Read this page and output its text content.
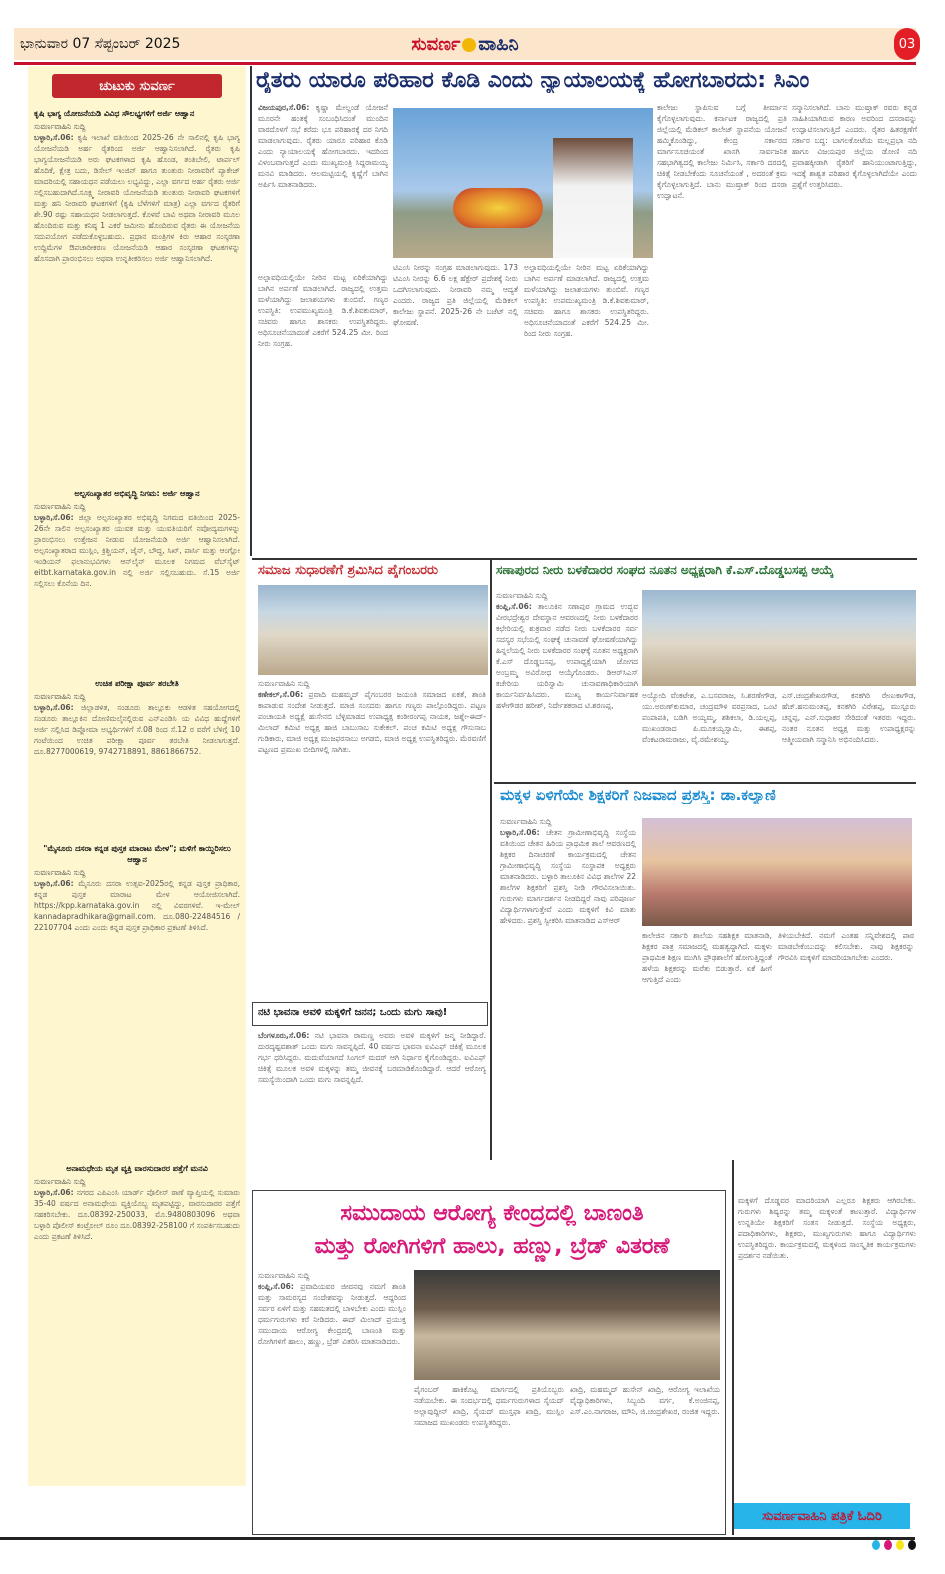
ಭಾನುವಾರ 07 ಸೆಪ್ಟಂಬರ್ 2025	ಸುವರ್ಣ ವಾಹಿನಿ	03
ಚುಟುಕು ಸುವರ್ಣ
ಕೃಷಿ ಭಾಗ್ಯ ಯೋಜನೆಯಡಿ ವಿವಿಧ ಸೌಲಭ್ಯಗಳಿಗೆ ಅರ್ಜಿ ಆಹ್ವಾನ
ಸುವರ್ಣವಾಹಿನಿ ಸುದ್ದಿ
ಬಳ್ಳಾರಿ,ಸೆ.06: ಕೃಷಿ ಇಲಾಖೆ ವತಿಯಿಂದ 2025-26 ನೇ ಸಾಲಿನಲ್ಲಿ ಕೃಷಿ ಭಾಗ್ಯ ಯೋಜನೆಯಡಿ ಅರ್ಹ ರೈತರಿಂದ ಅರ್ಜಿ ಆಹ್ವಾನಿಸಲಾಗಿದೆ. ರೈತರು ಕೃಷಿ ಭಾಗ್ಯಯೋಜನೆಯಡಿ ಅರು ಘಟಕಗಳಾದ ಕೃಷಿ ಹೊಂಡ, ತಂತಿಬೇಲಿ, ಟಾರ್ಪಲ್ ಹೊದಿಕೆ, ಕ್ಷೇತ್ರ ಬದು, ಡಿಸೇಲ್ ಇಂಜಿನ್ ಹಾಗೂ ತುಂತುರು ನೀರಾವರಿಗೆ ಪ್ಯಾಕೇಜ್ ಮಾದರಿಯಲ್ಲಿ ಸಹಾಯಧನ ಪಡೆಯಲು ಲಭ್ಯವಿದ್ದು, ಎಲ್ಲಾ ವರ್ಗದ ಅರ್ಹ ರೈತರು ಅರ್ಜಿ ಸಲ್ಲಿಸಬಹುದಾಗಿದೆ.ಸೂಕ್ಷ್ಮ ನೀರಾವರಿ ಯೋಜನೆಯಡಿ ತುಂತುರು ನೀರಾವರಿ ಘಟಕಗಳಿಗೆ ಮತ್ತು ಹನಿ ನೀರಾವರಿ ಘಟಕಗಳಿಗೆ (ಕೃಷಿ ಬೆಳೆಗಳಿಗೆ ಮಾತ್ರ) ಎಲ್ಲಾ ವರ್ಗದ ರೈತರಿಗೆ ಶೇ.90 ರಷ್ಟು ಸಹಾಯಧನ ನೀಡಲಾಗುತ್ತದೆ. ಕೊಳವೆ ಬಾವಿ ಅಥವಾ ನೀರಾವರಿ ಮೂಲ ಹೊಂದಿರುವ ಮತ್ತು ಕನಿಷ್ಠ 1 ಎಕರೆ ಜಮೀನು ಹೊಂದಿರುವ ರೈತರು ಈ ಯೋಜನೆಯ ಸದುಪಯೋಗ ಪಡೆದುಕೊಳ್ಳಬಹುದು. ಪ್ರಧಾನ ಮಂತ್ರಿಗಳ ಕಿರು ಆಹಾರ ಸಂಸ್ಕರಣಾ ಉದ್ದಿಮೆಗಳ ಔಪಚಾರೀಕರಣ ಯೋಜನೆಯಡಿ ಆಹಾರ ಸಂಸ್ಕರಣಾ ಘಟಕಗಳನ್ನು ಹೊಸದಾಗಿ ಪ್ರಾರಂಭಿಸಲು ಅಥವಾ ಉನ್ನತೀಕರಿಸಲು ಅರ್ಜಿ ಆಹ್ವಾನಿಸಲಾಗಿದೆ.
ಅಲ್ಪಸಂಖ್ಯಾತರ ಅಭಿವೃದ್ಧಿ ನಿಗಮ: ಅರ್ಜಿ ಆಹ್ವಾನ
ಸುವರ್ಣವಾಹಿನಿ ಸುದ್ದಿ
ಬಳ್ಳಾರಿ,ಸೆ.06: ಜಿಲ್ಲಾ ಅಲ್ಪಸಂಖ್ಯಾತರ ಅಭಿವೃದ್ಧಿ ನಿಗಮದ ವತಿಯಿಂದ 2025-26ನೇ ಸಾಲಿನ ಅಲ್ಪಸಂಖ್ಯಾತರ ಯುವಕ ಮತ್ತು ಯುವತಿಯರಿಗೆ ನವೋದ್ಯಮಗಳನ್ನು ಪ್ರಾರಂಭಿಸಲು ಉತ್ತೇಜನ ನೀಡುವ ಯೋಜನೆಯಡಿ ಅರ್ಜಿ ಆಹ್ವಾನಿಸಲಾಗಿದೆ. ಅಲ್ಪಸಂಖ್ಯಾತರಾದ ಮುಸ್ಲಿಂ, ಕ್ರಿಶ್ಚಿಯನ್, ಜೈನ್, ಬೌದ್ಧ, ಸಿಖ್, ಪಾರ್ಸಿ ಮತ್ತು ಆಂಗ್ಲೋ ಇಂಡಿಯನ್ ಫಲಾನುಭವಿಗಳು ಆನ್‌ಲೈನ್ ಮೂಲಕ ನಿಗಮದ ವೆಬ್‌ಸೈಟ್ eitbt.karnataka.gov.in ನಲ್ಲಿ ಅರ್ಜಿ ಸಲ್ಲಿಸಬಹುದು. ಸೆ.15 ಅರ್ಜಿ ಸಲ್ಲಿಸಲು ಕೊನೆಯ ದಿನ.
ಉಚಿತ ಪರೀಕ್ಷಾ ಪೂರ್ವ ತರಬೇತಿ
ಸುವರ್ಣವಾಹಿನಿ ಸುದ್ದಿ
ಬಳ್ಳಾರಿ,ಸೆ.06: ಜಿಲ್ಲಾಡಳಿತ, ಸಂಡೂರು ತಾಲ್ಲೂಕು ಆಡಳಿತ ಸಹಯೋಗದಲ್ಲಿ ಸಂಡೂರು ತಾಲ್ಲೂಕಿನ ದೋಣಿಮಲೈನಲ್ಲಿರುವ ಎನ್‌ಎಂಡಿಸಿ ಯ ವಿವಿಧ ಹುದ್ದೆಗಳಿಗೆ ಅರ್ಜಿ ಸಲ್ಲಿಸಿದ ಡಿಪ್ಲೋಮಾ ಅಭ್ಯರ್ಥಿಗಳಿಗೆ ಸೆ.08 ರಿಂದ ಸೆ.12 ರ ವರೆಗೆ ಬೆಳಿಗ್ಗೆ 10 ಗಂಟೆಯಿಂದ ಉಚಿತ ಪರೀಕ್ಷಾ ಪೂರ್ವ ತರಬೇತಿ ನೀಡಲಾಗುತ್ತದೆ. ದೂ.8277000619, 9742718891, 8861866752.
"ಮೈಸೂರು ದಸರಾ ಕನ್ನಡ ಪುಸ್ತಕ ಮಾರಾಟ ಮೇಳ"; ಮಳಿಗೆ ಕಾಯ್ದಿರಿಸಲು ಆಹ್ವಾನ
ಸುವರ್ಣವಾಹಿನಿ ಸುದ್ದಿ
ಬಳ್ಳಾರಿ,ಸೆ.06: ಮೈಸೂರು ದಸರಾ ಉತ್ಸವ-2025ರಲ್ಲಿ ಕನ್ನಡ ಪುಸ್ತಕ ಪ್ರಾಧಿಕಾರ, ಕನ್ನಡ ಪುಸ್ತಕ ಮಾರಾಟ ಮೇಳ ಆಯೋಜಿಸಲಾಗಿದೆ. https://kpp.karnataka.gov.in ನಲ್ಲಿ ವಿವರಗಳಿವೆ. ಇ-ಮೇಲ್ kannadapradhikara@gmail.com. ದೂ.080-22484516 / 22107704 ಎಂದು ಎಂದು ಕನ್ನಡ ಪುಸ್ತಕ ಪ್ರಾಧಿಕಾರ ಪ್ರಕಟಣೆ ತಿಳಿಸಿದೆ.
ಅನಾಮಧೇಯ ಮೃತ ವ್ಯಕ್ತಿ ವಾರಸುದಾರರ ಪತ್ತೆಗೆ ಮನವಿ
ಸುವರ್ಣವಾಹಿನಿ ಸುದ್ದಿ
ಬಳ್ಳಾರಿ,ಸೆ.06: ನಗರದ ಎಪಿಎಂಸಿ ಯಾರ್ಡ್ ಪೊಲೀಸ್ ಠಾಣೆ ವ್ಯಾಪ್ತಿಯಲ್ಲಿ ಸುಮಾರು 35-40 ವರ್ಷದ ಅನಾಮಧೇಯ ವ್ಯಕ್ತಿಯೊಬ್ಬ ಮೃತಪಟ್ಟಿದ್ದು, ವಾರಸುದಾರರ ಪತ್ತೆಗೆ ಸಹಕರಿಸಬೇಕು. ದೂ.08392-250033, ಮೊ.9480803096 ಅಥವಾ ಬಳ್ಳಾರಿ ಪೊಲೀಸ್ ಕಂಟ್ರೋಲ್ ರೂಂ ದೂ.08392-258100 ಗೆ ಸಂಪರ್ಕಿಸಬಹುದು ಎಂದು ಪ್ರಕಟಣೆ ತಿಳಿಸಿದೆ.
ರೈತರು ಯಾರೂ ಪರಿಹಾರ ಕೊಡಿ ಎಂದು ನ್ಯಾಯಾಲಯಕ್ಕೆ ಹೋಗಬಾರದು: ಸಿಎಂ
ವಿಜಯಪುರ,ಸೆ.06: ಕೃಷ್ಣಾ ಮೇಲ್ದಂಡೆ ಯೋಜನೆ ಮೂರನೇ ಹಂತಕ್ಕೆ ಸಂಬಂಧಿಸಿದಂತೆ ಮುಂದಿನ ವಾರದೊಳಗೆ ಸಭೆ ಕರೆದು ಭೂ ಪರಿಹಾರಕ್ಕೆ ದರ ನಿಗದಿ ಮಾಡಲಾಗುವುದು. ರೈತರು ಯಾರೂ ಪರಿಹಾರ ಕೊಡಿ ಎಂದು ನ್ಯಾಯಾಲಯಕ್ಕೆ ಹೋಗಬಾರದು. ಇದರಿಂದ ವಿಳಂಬವಾಗುತ್ತದೆ ಎಂದು ಮುಖ್ಯಮಂತ್ರಿ ಸಿದ್ದರಾಮಯ್ಯ ಮನವಿ ಮಾಡಿದರು. ಆಲಮಟ್ಟಿಯಲ್ಲಿ ಕೃಷ್ಣೆಗೆ ಬಾಗಿನ ಅರ್ಪಿಸಿ ಮಾತನಾಡಿದರು.
ಅಲ್ಪಾವಧಿಯಲ್ಲಿಯೇ ನೀರಿನ ಮಟ್ಟ ಏರಿಕೆಯಾಗಿದ್ದು ಬಾಗಿನ ಅರ್ಪಣೆ ಮಾಡಲಾಗಿದೆ. ರಾಜ್ಯದಲ್ಲಿ ಉತ್ತಮ ಮಳೆಯಾಗಿದ್ದು ಜಲಾಶಯಗಳು ತುಂಬಿವೆ. ಗಣ್ಯರ ಉಪಸ್ಥಿತಿ: ಉಪಮುಖ್ಯಮಂತ್ರಿ ಡಿ.ಕೆ.ಶಿವಕುಮಾರ್, ಸಚಿವರು ಹಾಗೂ ಶಾಸಕರು ಉಪಸ್ಥಿತರಿದ್ದರು. ಅಧಿಸೂಚನೆಯಾದಂತೆ ಎಕರೆಗೆ 524.25 ಮೀ. ರಿಂದ ನೀರು ಸಂಗ್ರಹ.
ಟಿಎಂಸಿ ನೀರನ್ನು ಸಂಗ್ರಹ ಮಾಡಲಾಗುವುದು. 173 ಟಿಎಂಸಿ ನೀರನ್ನು 6.6 ಲಕ್ಷ ಹೆಕ್ಟೇರ್ ಪ್ರದೇಶಕ್ಕೆ ನೀರು ಒದಗಿಸಲಾಗುವುದು. ನೀರಾವರಿ ನಮ್ಮ ಆದ್ಯತೆ ಎಂದರು. ರಾಜ್ಯದ ಪ್ರತಿ ಜಿಲ್ಲೆಯಲ್ಲಿ ಮೆಡಿಕಲ್ ಕಾಲೇಜು ಸ್ಥಾಪನೆ. 2025-26 ನೇ ಬಜೆಟ್ ನಲ್ಲಿ ಘೋಷಣೆ.
ಅಲ್ಪಾವಧಿಯಲ್ಲಿಯೇ ನೀರಿನ ಮಟ್ಟ ಏರಿಕೆಯಾಗಿದ್ದು ಬಾಗಿನ ಅರ್ಪಣೆ ಮಾಡಲಾಗಿದೆ. ರಾಜ್ಯದಲ್ಲಿ ಉತ್ತಮ ಮಳೆಯಾಗಿದ್ದು ಜಲಾಶಯಗಳು ತುಂಬಿವೆ. ಗಣ್ಯರ ಉಪಸ್ಥಿತಿ: ಉಪಮುಖ್ಯಮಂತ್ರಿ ಡಿ.ಕೆ.ಶಿವಕುಮಾರ್, ಸಚಿವರು ಹಾಗೂ ಶಾಸಕರು ಉಪಸ್ಥಿತರಿದ್ದರು. ಅಧಿಸೂಚನೆಯಾದಂತೆ ಎಕರೆಗೆ 524.25 ಮೀ. ರಿಂದ ನೀರು ಸಂಗ್ರಹ.
ಕಾಲೇಜು ಸ್ಥಾಪಿಸುವ ಬಗ್ಗೆ ತೀರ್ಮಾನ ಕೈಗೊಳ್ಳಲಾಗುವುದು. ಕರ್ನಾಟಕ ರಾಜ್ಯದಲ್ಲಿ ಪ್ರತಿ ಜಿಲ್ಲೆಯಲ್ಲಿ ಮೆಡಿಕಲ್ ಕಾಲೇಜ್ ಸ್ಥಾಪನೆಯ ಯೋಜನೆ ಹಮ್ಮಿಕೊಂಡಿದ್ದು, ಕೇಂದ್ರ ಸರ್ಕಾರದ ಮಾರ್ಗಸೂಚಿಯಂತೆ ಖಾಸಗಿ ಸಾರ್ವಜನಿಕ ಸಹಭಾಗಿತ್ವದಲ್ಲಿ ಕಾಲೇಜು ನಿರ್ಮಿಸಿ, ಸರ್ಕಾರಿ ದರದಲ್ಲಿ ಚಿಕಿತ್ಸೆ ನೀಡಬೇಕೆಂದು ಸೂಚನೆಯಂತೆ , ಅದರಂತೆ ಕ್ರಮ ಕೈಗೊಳ್ಳಲಾಗುತ್ತಿದೆ. ಬಾನು ಮುಷ್ತಾಕ್ ರಿಂದ ದಸರಾ ಉದ್ಘಾಟನೆ.
ಸನ್ಮಾನಿಸಲಾಗಿದೆ. ಬಾನು ಮುಷ್ತಾಕ್ ರವರು ಕನ್ನಡ ಸಾಹಿತಿಯಾಗಿರುವ ಕಾರಣ ಅವರಿಂದ ದಸರಾವನ್ನು ಉದ್ಘಾಟಿಸಲಾಗುತ್ತಿದೆ ಎಂದರು. ರೈತರ ಹಿತರಕ್ಷಣೆಗೆ ಸರ್ಕಾರ ಬದ್ಧ: ಬಾಗಲಕೋಟೆಯ ಮಲ್ಲಪ್ರಭಾ ನದಿ ಹಾಗೂ ವಿಜಯಪುರ ಜಿಲ್ಲೆಯ ಡೋಣಿ ನದಿ ಪ್ರವಾಹಕ್ಕೀಡಾಗಿ ರೈತರಿಗೆ ಹಾನಿಯುಂಟಾಗುತ್ತಿದ್ದು, ಇದಕ್ಕೆ ಶಾಶ್ವತ ಪರಿಹಾರ ಕೈಗೊಳ್ಳಲಾಗಿದೆಯೇ ಎಂದು ಪ್ರಶ್ನೆಗೆ ಉತ್ತರಿಸಿದರು.
ಸಮಾಜ ಸುಧಾರಣೆಗೆ ಶ್ರಮಿಸಿದ ಪೈಗಂಬರರು
ಸುವರ್ಣವಾಹಿನಿ ಸುದ್ದಿ
ಕಣೇಕಲ್,ಸೆ.06: ಪ್ರವಾದಿ ಮಹಮ್ಮದ್ ಪೈಗಂಬರರ ಜಯಂತಿ ಸಮಾಜದ ಏಕತೆ, ಶಾಂತಿ ಕಾಪಾಡುವ ಸಂದೇಶ ನೀಡುತ್ತದೆ. ಮಾಜಿ ಸಂಸದರು ಹಾಗೂ ಗಣ್ಯರು ಪಾಲ್ಗೊಂಡಿದ್ದರು. ಪಟ್ಟಣ ಪಂಚಾಯತಿ ಅಧ್ಯಕ್ಷೆ ಹುಸೇನಬಿ ಬೆಳ್ಳಿಮಾಡದ ಉಪಾಧ್ಯಕ್ಷ ಕಂಠೀರಂಗಪ್ಪ ನಾಯಕ, ಜಶ್ನೇ-ಈದ್-ಮಿಲಾದ್ ಕಮಿಟಿ ಅಧ್ಯಕ್ಷ ಹಾಜಿ ಬಾಬುಸಾಬ ಸುಕೇಕಲ್. ಪಂಚ ಕಮಿಟಿ ಅಧ್ಯಕ್ಷ ಗೌಸುಸಾಬ ಗುಡಿಕಾರು, ಮಾಜಿ ಅಧ್ಯಕ್ಷ ಮುಜಫರಸಾಬು ಅಗಡಬಿ, ಮಾಜಿ ಅಧ್ಯಕ್ಷ ಉಪಸ್ಥಿತರಿದ್ದರು. ಮೆರವಣಿಗೆ ಪಟ್ಟಣದ ಪ್ರಮುಖ ಬೀದಿಗಳಲ್ಲಿ ಸಾಗಿತು.
ನಟಿ ಭಾವನಾ ಅವಳಿ ಮಕ್ಕಳಿಗೆ ಜನನ; ಒಂದು ಮಗು ಸಾವು!
ಬೆಂಗಳೂರು,ಸೆ.06: ನಟಿ ಭಾವನಾ ರಾಮಣ್ಣ ಅವರು ಅವಳಿ ಮಕ್ಕಳಿಗೆ ಜನ್ಮ ನೀಡಿದ್ದಾರೆ. ದುರದೃಷ್ಟವಶಾತ್ ಒಂದು ಮಗು ಸಾವನ್ನಪ್ಪಿದೆ. 40 ವರ್ಷದ ಭಾವನಾ ಐವಿಎಫ್ ಚಿಕಿತ್ಸೆ ಮೂಲಕ ಗರ್ಭ ಧರಿಸಿದ್ದರು. ಮದುವೆಯಾಗದೆ ಸಿಂಗಲ್ ಮದರ್ ಆಗಿ ನಿರ್ಧಾರ ಕೈಗೊಂಡಿದ್ದರು. ಐವಿಎಫ್ ಚಿಕಿತ್ಸೆ ಮೂಲಕ ಅವಳಿ ಮಕ್ಕಳನ್ನು ತಮ್ಮ ಜೀವನಕ್ಕೆ ಬರಮಾಡಿಕೊಂಡಿದ್ದಾರೆ. ಆದರೆ ಆರೋಗ್ಯ ಸಮಸ್ಯೆಯಿಂದಾಗಿ ಒಂದು ಮಗು ಸಾವನ್ನಪ್ಪಿದೆ.
ಸಣಾಪುರದ ನೀರು ಬಳಕೆದಾರರ ಸಂಘದ ನೂತನ ಅಧ್ಯಕ್ಷರಾಗಿ ಕೆ.ಎಸ್.ದೊಡ್ಡಬಸಪ್ಪ ಆಯ್ಕೆ
ಸುವರ್ಣವಾಹಿನಿ ಸುದ್ದಿ
ಕಂಪ್ಲಿ,ಸೆ.06: ತಾಲೂಕಿನ ಸಣಾಪುರ ಗ್ರಾಮದ ಉದ್ಭವ ವೀರಭದ್ರೇಶ್ವರ ದೇವಸ್ಥಾನ ಆವರಣದಲ್ಲಿ ನೀರು ಬಳಕೆದಾರರ ಕಛೇರಿಯಲ್ಲಿ ಶುಕ್ರವಾರ ನಡೆದ ನೀರು ಬಳಕೆದಾರರ ಸರ್ವ ಸದಸ್ಯರ ಸಭೆಯಲ್ಲಿ ಸಂಘಕ್ಕೆ ಚುನಾವಣೆ ಘೋಷಣೆಯಾಗಿದ್ದು ಹಿನ್ನಲೆಯಲ್ಲಿ ನೀರು ಬಳಕೆದಾರರ ಸಂಘಕ್ಕೆ ನೂತನ ಅಧ್ಯಕ್ಷರಾಗಿ ಕೆ.ಎಸ್ ದೊಡ್ಡಬಸಪ್ಪ, ಉಪಾಧ್ಯಕ್ಷೆಯಾಗಿ ಜೋಗದ ಅಂಬ್ರಮ್ಮ ಅವಿರೋಧ ಆಯ್ಕೆಗೊಂಡರು. ಡಿಆರ್‌ಸಿಎಸ್ ಕಚೇರಿಯ ಯರಿಸ್ವಾಮಿ ಚುನಾವಣಾಧಿಕಾರಿಯಾಗಿ ಕಾರ್ಯನಿರ್ವಹಿಸಿದರು. ಮುಖ್ಯ ಕಾರ್ಯನಿರ್ವಾಹಕ ಹಳೇಗೌಡರ ಹರೀಶ್, ನಿರ್ದೇಶಕರಾದ ಟಿ.ಶರಣಪ್ಪ,
ಅಯ್ಯೋದಿ ವೆಂಕಟೇಶ, ಎ.ಬಸವರಾಜ, ಸಿ.ಶರಣೇಗೌಡ, ಯು.ಅರುಣ್‌ಕುಮಾರ, ಚಂದ್ರಮೌಳಿ ವರಪ್ರಸಾದ, ಒಂಟಿ ಪಂಪಾಪತಿ, ಬಡಿಗಿ ಅಯ್ಯಮ್ಮ, ಶಶಿಕಲಾ, ಡಿ.ಯಲ್ಲಪ್ಪ, ಮುಖಂಡರಾದ ಪಿ.ಮೂಕಯ್ಯಸ್ವಾಮಿ, ಈಶಪ್ಪ, ವೆಂಕಟರಾಮರಾಜು, ವೈ.ರಮೇಶಯ್ಯ,
ಎಸ್.ಚಂದ್ರಶೇಖರಗೌಡ, ಕನಕಗಿರಿ ರೇಣುಕಾಗೌಡ, ಹೆಚ್.ಹನುಮಂತಪ್ಪ, ಕನಕಗಿರಿ ವಿರೇಶಪ್ಪ, ಮುಸ್ಟೂರು ಚನ್ನಪ್ಪ, ಎನ್.ಸುಧಾಕರ ಸೇರಿದಂತೆ ಇತರರು ಇದ್ದರು. ನಂತರ ನೂತನ ಅಧ್ಯಕ್ಷ ಮತ್ತು ಉಪಾಧ್ಯಕ್ಷರನ್ನು ಆತ್ಮೀಯವಾಗಿ ಸನ್ಮಾನಿಸಿ ಅಭಿನಂದಿಸಿದರು.
ಮಕ್ಕಳ ಏಳಿಗೆಯೇ ಶಿಕ್ಷಕರಿಗೆ ನಿಜವಾದ ಪ್ರಶಸ್ತಿ: ಡಾ.ಕಲ್ಯಾಣಿ
ಸುವರ್ಣವಾಹಿನಿ ಸುದ್ದಿ
ಬಳ್ಳಾರಿ,ಸೆ.06: ಚೇತನ ಗ್ರಾಮೀಣಾಭಿವೃದ್ಧಿ ಸಂಸ್ಥೆಯ ವತಿಯಿಂದ ಚೇತನ ಹಿರಿಯ ಪ್ರಾಥಮಿಕ ಶಾಲೆ ಆವರಣದಲ್ಲಿ ಶಿಕ್ಷಕರ ದಿನಾಚರಣೆ ಕಾರ್ಯಕ್ರಮದಲ್ಲಿ ಚೇತನ ಗ್ರಾಮೀಣಾಭಿವೃದ್ಧಿ ಸಂಸ್ಥೆಯ ಸಂಸ್ಥಾಪಕ ಅಧ್ಯಕ್ಷರು ಮಾತನಾಡಿದರು. ಬಳ್ಳಾರಿ ತಾಲೂಕಿನ ವಿವಿಧ ಶಾಲೆಗಳ 22 ಶಾಲೆಗಳ ಶಿಕ್ಷಕರಿಗೆ ಪ್ರಶಸ್ತಿ ನೀಡಿ ಗೌರವಿಸಲಾಯಿತು. ಗುರುಗಳು ಮಾರ್ಗದರ್ಶನ ನೀಡದಿದ್ದರೆ ನಾವು ಪರಿಪೂರ್ಣ ವಿದ್ಯಾರ್ಥಿಗಳಾಗುತ್ತೇವೆ ಎಂದು ಮಕ್ಕಳಿಗೆ ಕಿವಿ ಮಾತು ಹೇಳಿದರು. ಪ್ರಶಸ್ತಿ ಸ್ವೀಕರಿಸಿ ಮಾತನಾಡಿದ ಎಸ್‌ಆರ್
ಕಾಲೇಜಿನ ಸರ್ಕಾರಿ ಶಾಲೆಯ ಸಹಶಿಕ್ಷಕ ಮಾತನಾಡಿ, ಶಿಕ್ಷಕರ ಪಾತ್ರ ಸಮಾಜದಲ್ಲಿ ಮಹತ್ವದ್ದಾಗಿದೆ. ಮಕ್ಕಳು ಪ್ರಾಥಮಿಕ ಶಿಕ್ಷಣ ಮುಗಿಸಿ ಪ್ರೌಢಶಾಲೆಗೆ ಹೋಗುತ್ತಿದ್ದಂತೆ ಹಳೆಯ ಶಿಕ್ಷಕರನ್ನು ಮರೆತು ಬಿಡುತ್ತಾರೆ. ಏಕೆ ಹೀಗೆ ಆಗುತ್ತಿದೆ ಎಂದು
ತಿಳಿಯಬೇಕಿದೆ. ನಮಗೆ ಎಂತಹ ಸನ್ನಿವೇಶದಲ್ಲಿ ಪಾಠ ಮಾಡಬೇಕೆಂಬುದನ್ನು ಕಲಿಸಬೇಕು. ನಾವು ಶಿಕ್ಷಕರನ್ನು ಗೌರವಿಸಿ ಮಕ್ಕಳಿಗೆ ಮಾದರಿಯಾಗಬೇಕು ಎಂದರು.
ಸಮುದಾಯ ಆರೋಗ್ಯ ಕೇಂದ್ರದಲ್ಲಿ ಬಾಣಂತಿ
ಮತ್ತು ರೋಗಿಗಳಿಗೆ ಹಾಲು, ಹಣ್ಣು, ಬ್ರೆಡ್ ವಿತರಣೆ
ಸುವರ್ಣವಾಹಿನಿ ಸುದ್ದಿ
ಕಂಪ್ಲಿ,ಸೆ.06: ಪ್ರವಾದಿಯವರ ಜೀವನವು ನಮಗೆ ಶಾಂತಿ ಮತ್ತು ಸಾಮರಸ್ಯದ ಸಂದೇಶವನ್ನು ನೀಡುತ್ತದೆ. ಆದ್ದರಿಂದ ಸರ್ವರ ಏಳಿಗೆ ಮತ್ತು ಸಹಮತದಲ್ಲಿ ಬಾಳಬೇಕು ಎಂದು ಮುಸ್ಲಿಂ ಧರ್ಮಗುರುಗಳು ಕರೆ ನೀಡಿದರು. ಈದ್ ಮಿಲಾದ್ ಪ್ರಯುಕ್ತ ಸಮುದಾಯ ಆರೋಗ್ಯ ಕೇಂದ್ರದಲ್ಲಿ ಬಾಣಂತಿ ಮತ್ತು ರೋಗಿಗಳಿಗೆ ಹಾಲು, ಹಣ್ಣು, ಬ್ರೆಡ್ ವಿತರಿಸಿ ಮಾತನಾಡಿದರು.
ಪೈಗಂಬರ್ ಹಾಕಿಕೊಟ್ಟ ಮಾರ್ಗದಲ್ಲಿ ಪ್ರತಿಯೊಬ್ಬರು ನಡೆಯಬೇಕು. ಈ ಸಂದರ್ಭದಲ್ಲಿ ಧರ್ಮಗುರುಗಳಾದ ಸೈಯದ್ ಅಲ್ಲಾವುದ್ದೀನ್ ಖಾದ್ರಿ, ಸೈಯದ್ ಮುಸ್ತಫಾ ಖಾದ್ರಿ, ಮುಸ್ಲಿಂ ಸಮಾಜದ ಮುಖಂಡರು ಉಪಸ್ಥಿತರಿದ್ದರು.
ಖಾದ್ರಿ, ಮಹಮ್ಮದ್ ಹುಸೇನ್ ಖಾದ್ರಿ, ಆರೋಗ್ಯ ಇಲಾಖೆಯ ವೈದ್ಯಾಧಿಕಾರಿಗಳು, ಸಿಬ್ಬಂದಿ ವರ್ಗ, ಕೆ.ಅಂಜಿನಪ್ಪ, ಎಸ್.ಎಂ.ನಾಗರಾಜ, ಮೌನಿ, ಜಿ.ಚಂದ್ರಶೇಖರ, ರಂಜಿತ ಇದ್ದರು.
ಮಕ್ಕಳಿಗೆ ದೊಡ್ಡವರ ಮಾದರಿಯಾಗಿ ಎಲ್ಲರೂ ಶಿಕ್ಷಕರು ಆಗಿರಬೇಕು. ಗುರುಗಳು ಶಿಷ್ಯರನ್ನು ತಮ್ಮ ಮಕ್ಕಳಂತೆ ಕಾಣುತ್ತಾರೆ. ವಿದ್ಯಾರ್ಥಿಗಳ ಉನ್ನತಿಯೇ ಶಿಕ್ಷಕರಿಗೆ ಸಂತಸ ನೀಡುತ್ತದೆ. ಸಂಸ್ಥೆಯ ಅಧ್ಯಕ್ಷರು, ಪದಾಧಿಕಾರಿಗಳು, ಶಿಕ್ಷಕರು, ಮುಖ್ಯಗುರುಗಳು ಹಾಗೂ ವಿದ್ಯಾರ್ಥಿಗಳು ಉಪಸ್ಥಿತರಿದ್ದರು. ಕಾರ್ಯಕ್ರಮದಲ್ಲಿ ಮಕ್ಕಳಿಂದ ಸಾಂಸ್ಕೃತಿಕ ಕಾರ್ಯಕ್ರಮಗಳು ಪ್ರದರ್ಶನ ನಡೆಯಿತು.
ಸುವರ್ಣವಾಹಿನಿ ಪತ್ರಿಕೆ ಓದಿರಿ
